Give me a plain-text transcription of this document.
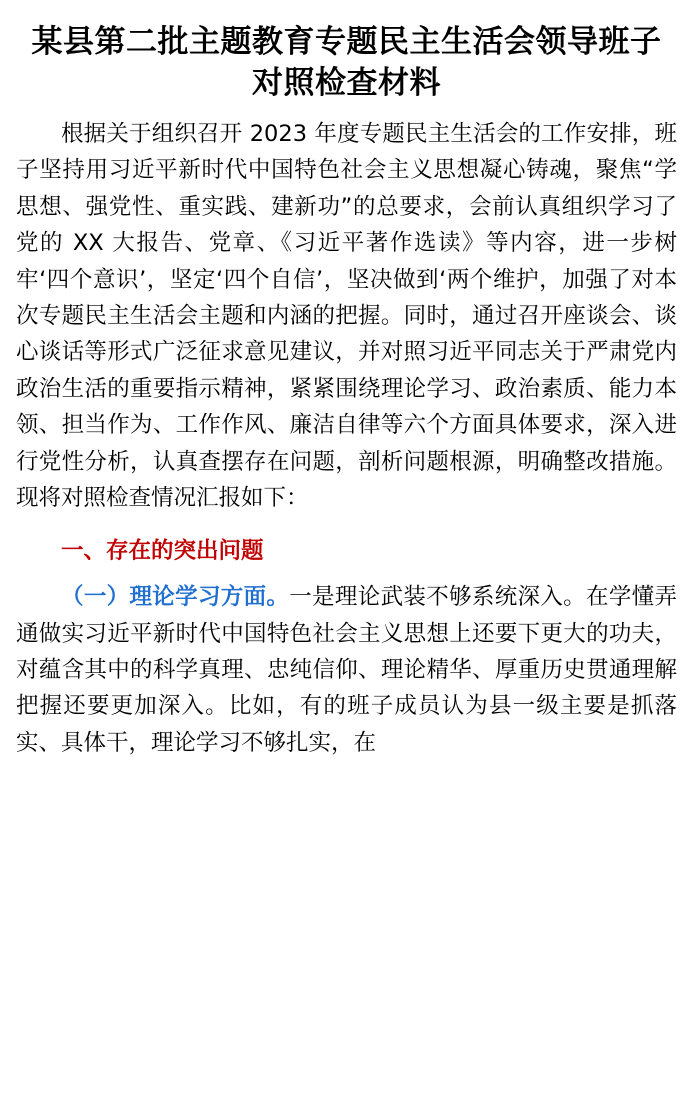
某县第二批主题教育专题民主生活会领导班子对照检查材料

根据关于组织召开 2023 年度专题民主生活会的工作安排，班子坚持用习近平新时代中国特色社会主义思想凝心铸魂，聚焦“学思想、强党性、重实践、建新功”的总要求，会前认真组织学习了党的 XX 大报告、党章、《习近平著作选读》等内容，进一步树牢‘四个意识’，坚定‘四个自信’，坚决做到‘两个维护，加强了对本次专题民主生活会主题和内涵的把握。同时，通过召开座谈会、谈心谈话等形式广泛征求意见建议，并对照习近平同志关于严肃党内政治生活的重要指示精神，紧紧围绕理论学习、政治素质、能力本领、担当作为、工作作风、廉洁自律等六个方面具体要求，深入进行党性分析，认真查摆存在问题，剖析问题根源，明确整改措施。现将对照检查情况汇报如下：

一、存在的突出问题

（一）理论学习方面。一是理论武装不够系统深入。在学懂弄通做实习近平新时代中国特色社会主义思想上还要下更大的功夫，对蕴含其中的科学真理、忠纯信仰、理论精华、厚重历史贯通理解把握还要更加深入。比如，有的班子成员认为县一级主要是抓落实、具体干，理论学习不够扎实，在
